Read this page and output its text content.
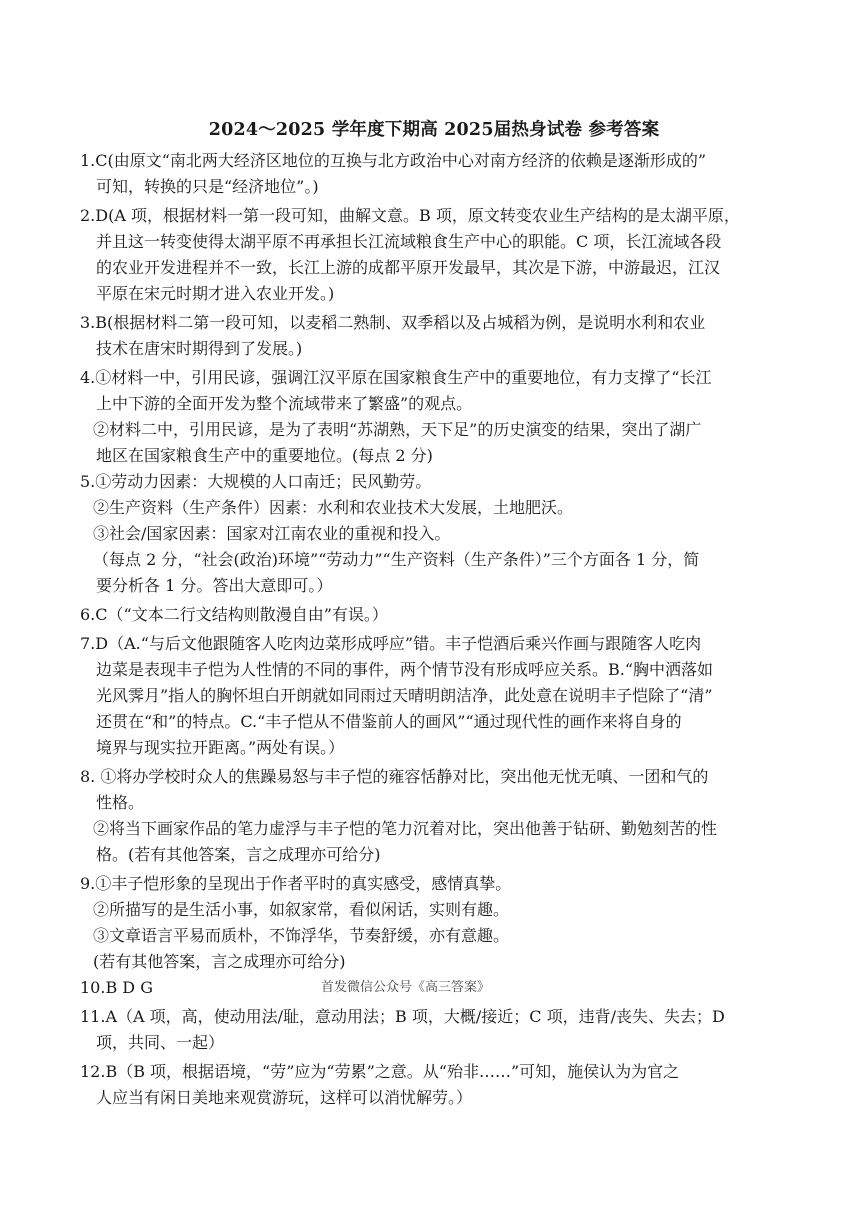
2024～2025 学年度下期高 2025届热身试卷 参考答案
1.C(由原文“南北两大经济区地位的互换与北方政治中心对南方经济的依赖是逐渐形成的”
可知，转换的只是“经济地位”。)
2.D(A 项，根据材料一第一段可知，曲解文意。B 项，原文转变农业生产结构的是太湖平原，
并且这一转变使得太湖平原不再承担长江流域粮食生产中心的职能。C 项，长江流域各段
的农业开发进程并不一致，长江上游的成都平原开发最早，其次是下游，中游最迟，江汉
平原在宋元时期才进入农业开发。)
3.B(根据材料二第一段可知，以麦稻二熟制、双季稻以及占城稻为例，是说明水利和农业
技术在唐宋时期得到了发展。)
4.①材料一中，引用民谚，强调江汉平原在国家粮食生产中的重要地位，有力支撑了“长江
上中下游的全面开发为整个流域带来了繁盛”的观点。
②材料二中，引用民谚，是为了表明“苏湖熟，天下足”的历史演变的结果，突出了湖广
地区在国家粮食生产中的重要地位。(每点 2 分)
5.①劳动力因素：大规模的人口南迁；民风勤劳。
②生产资料（生产条件）因素：水利和农业技术大发展，土地肥沃。
③社会/国家因素：国家对江南农业的重视和投入。
（每点 2 分，“社会(政治)环境”“劳动力”“生产资料（生产条件）”三个方面各 1 分，简
要分析各 1 分。答出大意即可。）
6.C（“文本二行文结构则散漫自由”有误。）
7.D（A.“与后文他跟随客人吃肉边菜形成呼应”错。丰子恺酒后乘兴作画与跟随客人吃肉
边菜是表现丰子恺为人性情的不同的事件，两个情节没有形成呼应关系。B.“胸中洒落如
光风霁月”指人的胸怀坦白开朗就如同雨过天晴明朗洁净，此处意在说明丰子恺除了“清”
还贯在“和”的特点。C.“丰子恺从不借鉴前人的画风”“通过现代性的画作来将自身的
境界与现实拉开距离。”两处有误。）
8. ①将办学校时众人的焦躁易怒与丰子恺的雍容恬静对比，突出他无忧无嗔、一团和气的
性格。
②将当下画家作品的笔力虚浮与丰子恺的笔力沉着对比，突出他善于钻研、勤勉刻苦的性
格。(若有其他答案，言之成理亦可给分)
9.①丰子恺形象的呈现出于作者平时的真实感受，感情真挚。
②所描写的是生活小事，如叙家常，看似闲话，实则有趣。
③文章语言平易而质朴，不饰浮华，节奏舒缓，亦有意趣。
(若有其他答案，言之成理亦可给分)
10.B D G	首发微信公众号《高三答案》
11.A（A 项，高，使动用法/耻，意动用法；B 项，大概/接近；C 项，违背/丧失、失去；D
项，共同、一起）
12.B（B 项，根据语境，“劳”应为“劳累”之意。从“殆非……”可知，施侯认为为官之
人应当有闲日美地来观赏游玩，这样可以消忧解劳。）
